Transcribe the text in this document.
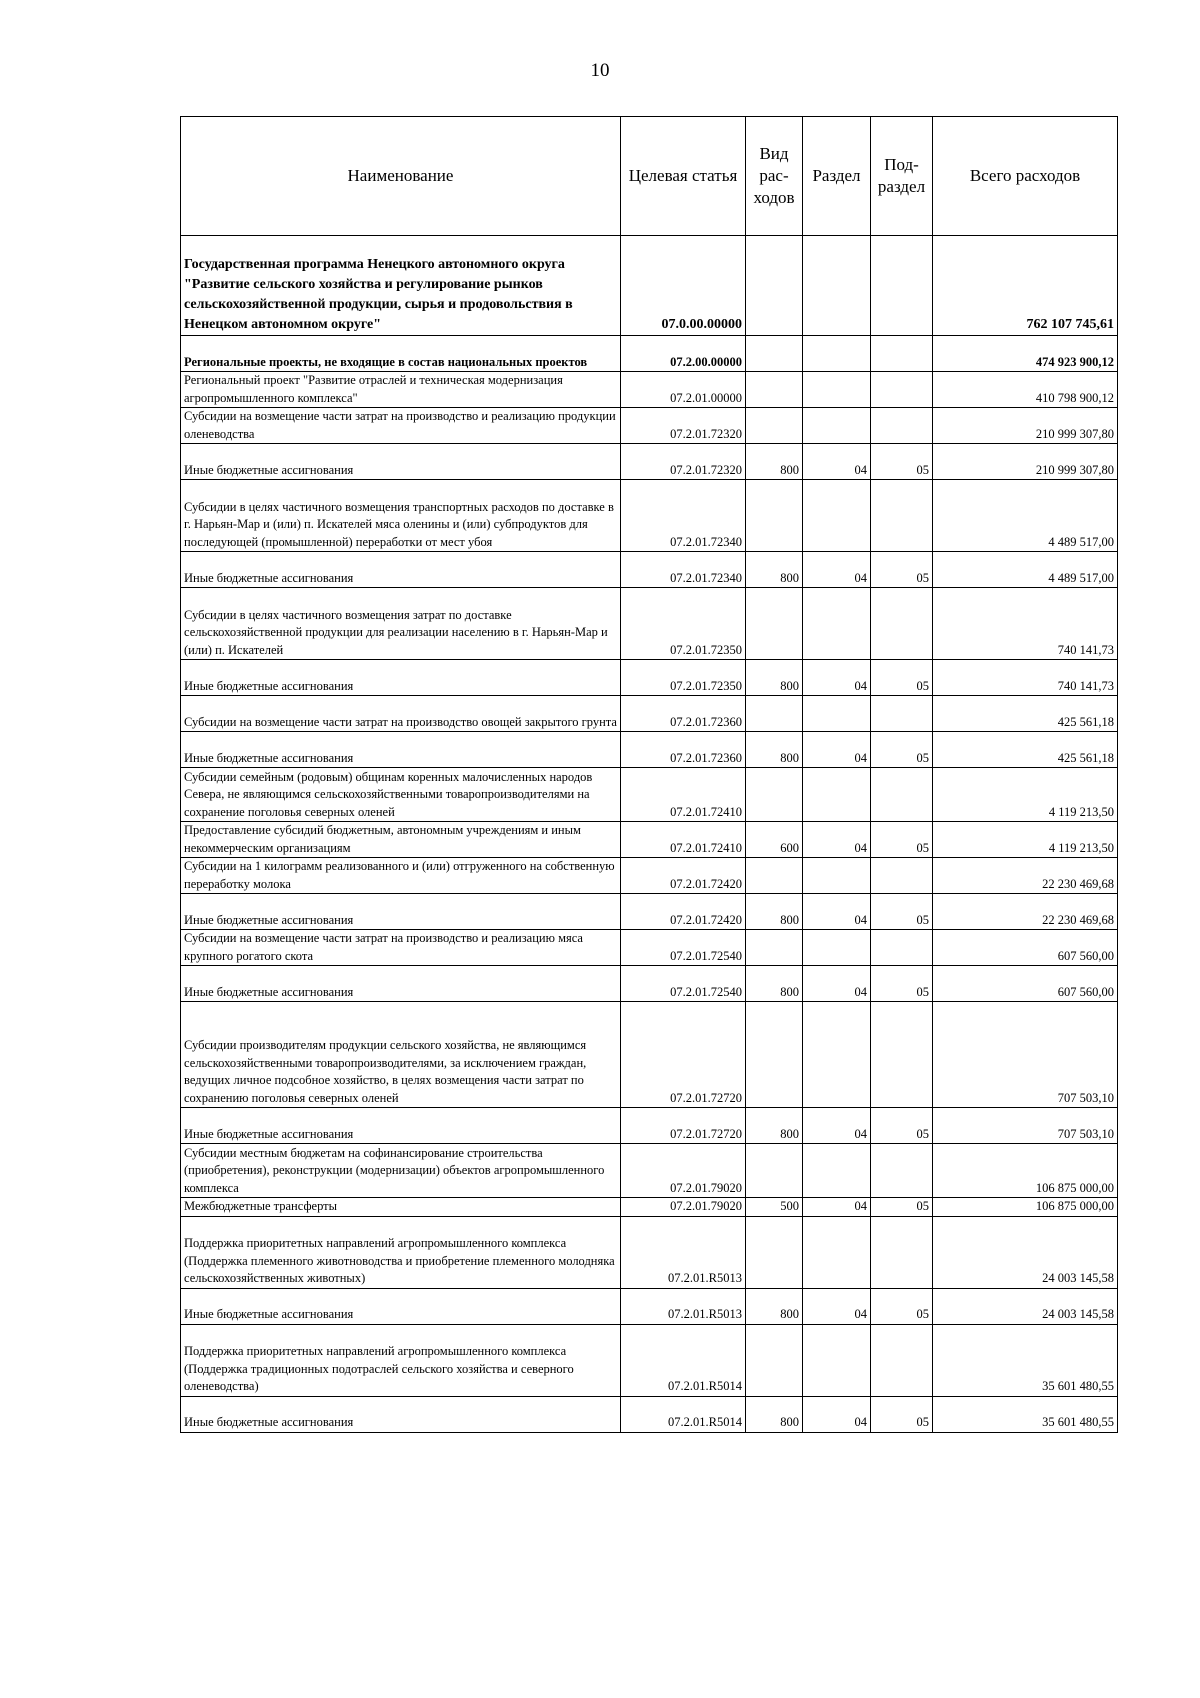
10
Наименование	Целевая статья	Вид рас-ходов	Раздел	Под-раздел	Всего расходов
Государственная программа Ненецкого автономного округа "Развитие сельского хозяйства и регулирование рынков сельскохозяйственной продукции, сырья и продовольствия в Ненецком автономном округе"	07.0.00.00000				762 107 745,61
Региональные проекты, не входящие в состав национальных проектов	07.2.00.00000				474 923 900,12
Региональный проект "Развитие отраслей и техническая модернизация агропромышленного комплекса"	07.2.01.00000				410 798 900,12
Субсидии на возмещение части затрат на производство и реализацию продукции оленеводства	07.2.01.72320				210 999 307,80
Иные бюджетные ассигнования	07.2.01.72320	800	04	05	210 999 307,80
Субсидии в целях частичного возмещения транспортных расходов по доставке в г. Нарьян-Мар и (или) п. Искателей мяса оленины и (или) субпродуктов для последующей (промышленной) переработки от мест убоя	07.2.01.72340				4 489 517,00
Иные бюджетные ассигнования	07.2.01.72340	800	04	05	4 489 517,00
Субсидии в целях частичного возмещения затрат по доставке сельскохозяйственной продукции для реализации населению в г. Нарьян-Мар и (или) п. Искателей	07.2.01.72350				740 141,73
Иные бюджетные ассигнования	07.2.01.72350	800	04	05	740 141,73
Субсидии на возмещение части затрат на производство овощей закрытого грунта	07.2.01.72360				425 561,18
Иные бюджетные ассигнования	07.2.01.72360	800	04	05	425 561,18
Субсидии семейным (родовым) общинам коренных малочисленных народов Севера, не являющимся сельскохозяйственными товаропроизводителями на сохранение поголовья северных оленей	07.2.01.72410				4 119 213,50
Предоставление субсидий бюджетным, автономным учреждениям и иным некоммерческим организациям	07.2.01.72410	600	04	05	4 119 213,50
Субсидии на 1 килограмм реализованного и (или) отгруженного на собственную переработку молока	07.2.01.72420				22 230 469,68
Иные бюджетные ассигнования	07.2.01.72420	800	04	05	22 230 469,68
Субсидии на возмещение части затрат на производство и реализацию мяса крупного рогатого скота	07.2.01.72540				607 560,00
Иные бюджетные ассигнования	07.2.01.72540	800	04	05	607 560,00
Субсидии производителям продукции сельского хозяйства, не являющимся сельскохозяйственными товаропроизводителями, за исключением граждан, ведущих личное подсобное хозяйство, в целях возмещения части затрат по сохранению поголовья северных оленей	07.2.01.72720				707 503,10
Иные бюджетные ассигнования	07.2.01.72720	800	04	05	707 503,10
Субсидии местным бюджетам на софинансирование строительства (приобретения), реконструкции (модернизации) объектов агропромышленного комплекса	07.2.01.79020				106 875 000,00
Межбюджетные трансферты	07.2.01.79020	500	04	05	106 875 000,00
Поддержка приоритетных направлений агропромышленного комплекса (Поддержка племенного животноводства и приобретение племенного молодняка сельскохозяйственных животных)	07.2.01.R5013				24 003 145,58
Иные бюджетные ассигнования	07.2.01.R5013	800	04	05	24 003 145,58
Поддержка приоритетных направлений агропромышленного комплекса (Поддержка традиционных подотраслей сельского хозяйства и северного оленеводства)	07.2.01.R5014				35 601 480,55
Иные бюджетные ассигнования	07.2.01.R5014	800	04	05	35 601 480,55
